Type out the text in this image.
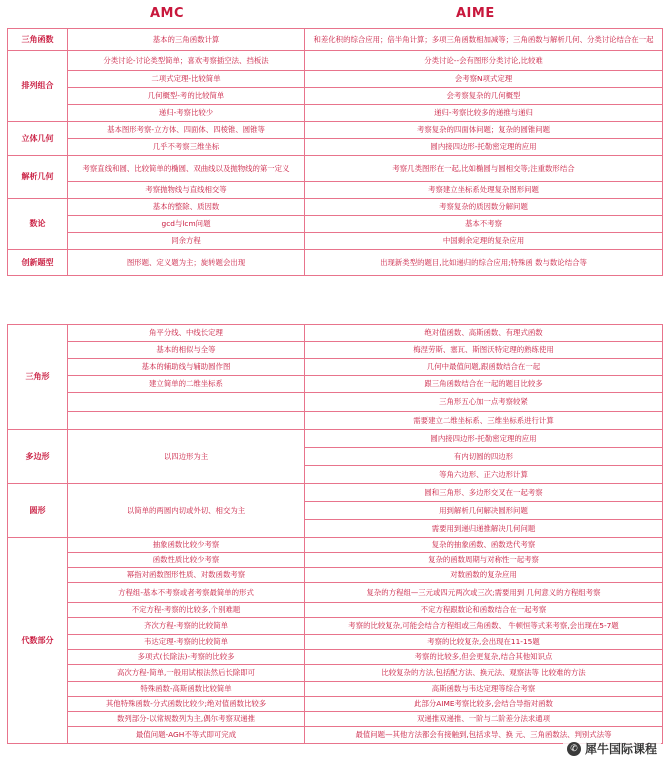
AMC	AIME
三角函数	基本的三角函数计算	和差化积的综合应用；倍半角计算；多项三角函数相加减等；三角函数与解析几何、分类讨论结合在一起
排列组合	分类讨论-讨论类型简单；喜欢考察插空法、挡板法	分类讨论--会有图形分类讨论,比较难
	二项式定理-比较简单	会考察N项式定理
	几何概型-考的比较简单	会考察复杂的几何概型
	递归-考察比较少	递归-考察比较多的递推与递归
立体几何	基本图形考察-立方体、四面体、四棱锥、圆锥等	考察复杂的四面体问题；复杂的圆锥问题
	几乎不考察三维坐标	圆内接四边形-托勒密定理的应用
解析几何	考察直线和圆、比较简单的椭圆、双曲线以及抛物线的第一定义	考察几类图形在一起,比如椭圆与圆相交等;注重数形结合
	考察抛物线与直线相交等	考察建立坐标系处理复杂图形问题
数论	基本的整除、质因数	考察复杂的质因数分解问题
	gcd与lcm问题	基本不考察
	同余方程	中国剩余定理的复杂应用
创新题型	图形题、定义题为主；旋转题会出现	出现新类型的题目,比如递归的综合应用;特殊函 数与数论结合等
三角形	角平分线、中线长定理	绝对值函数、高斯函数、有理式函数
	基本的相似与全等	梅涅劳斯、塞瓦、斯图沃特定理的熟练使用
	基本的辅助线与辅助圆作图	几何中最值问题,跟函数结合在一起
	建立简单的二维坐标系	跟三角函数结合在一起的题目比较多
		三角形五心加一点考察较紧
		需要建立二维坐标系、三维坐标系进行计算
多边形	以四边形为主	圆内接四边形-托勒密定理的应用
		有内切圆的四边形
		等角六边形、正六边形计算
圆形	以简单的两圆内切或外切、相交为主	圆和三角形、多边形交叉在一起考察
		用到解析几何解决圆形问题
		需要用到递归递推解决几何问题
代数部分	抽象函数比较少考察	复杂的抽象函数、函数迭代考察
	函数性质比较少考察	复杂的函数周期与对称性一起考察
	幂指对函数图形性质、对数函数考察	对数函数的复杂应用
	方程组-基本不考察或者考察最简单的形式	复杂的方程组—三元或四元两次或三次;需要用到 几何意义的方程组考察
	不定方程-考察的比较多,个别难题	不定方程跟数论和函数结合在一起考察
	齐次方程-考察的比较简单	考察的比较复杂,可能会结合方程组或三角函数、 牛顿恒等式来考察,会出现在5-7题
	韦达定理-考察的比较简单	考察的比较复杂,会出现在11-15题
	多项式(长除法)-考察的比较多	考察的比较多,但会更复杂,结合其他知识点
	高次方程-简单,一般用试根法然后长除即可	比较复杂的方法,包括配方法、换元法、观察法等 比较难的方法
	特殊函数-高斯函数比较简单	高斯函数与韦达定理等综合考察
	其他特殊函数-分式函数比较少;绝对值函数比较多	此部分AIME考察比较多,会结合导指对函数
	数列部分-以常规数列为主,偶尔考察双递推	双递推双递推、一阶与二阶差分法求通项
	最值问题-AGH不等式即可完成	最值问题—其他方法都会有接触到,包括求导、换 元、三角函数法、判别式法等
✆ 犀牛国际课程
